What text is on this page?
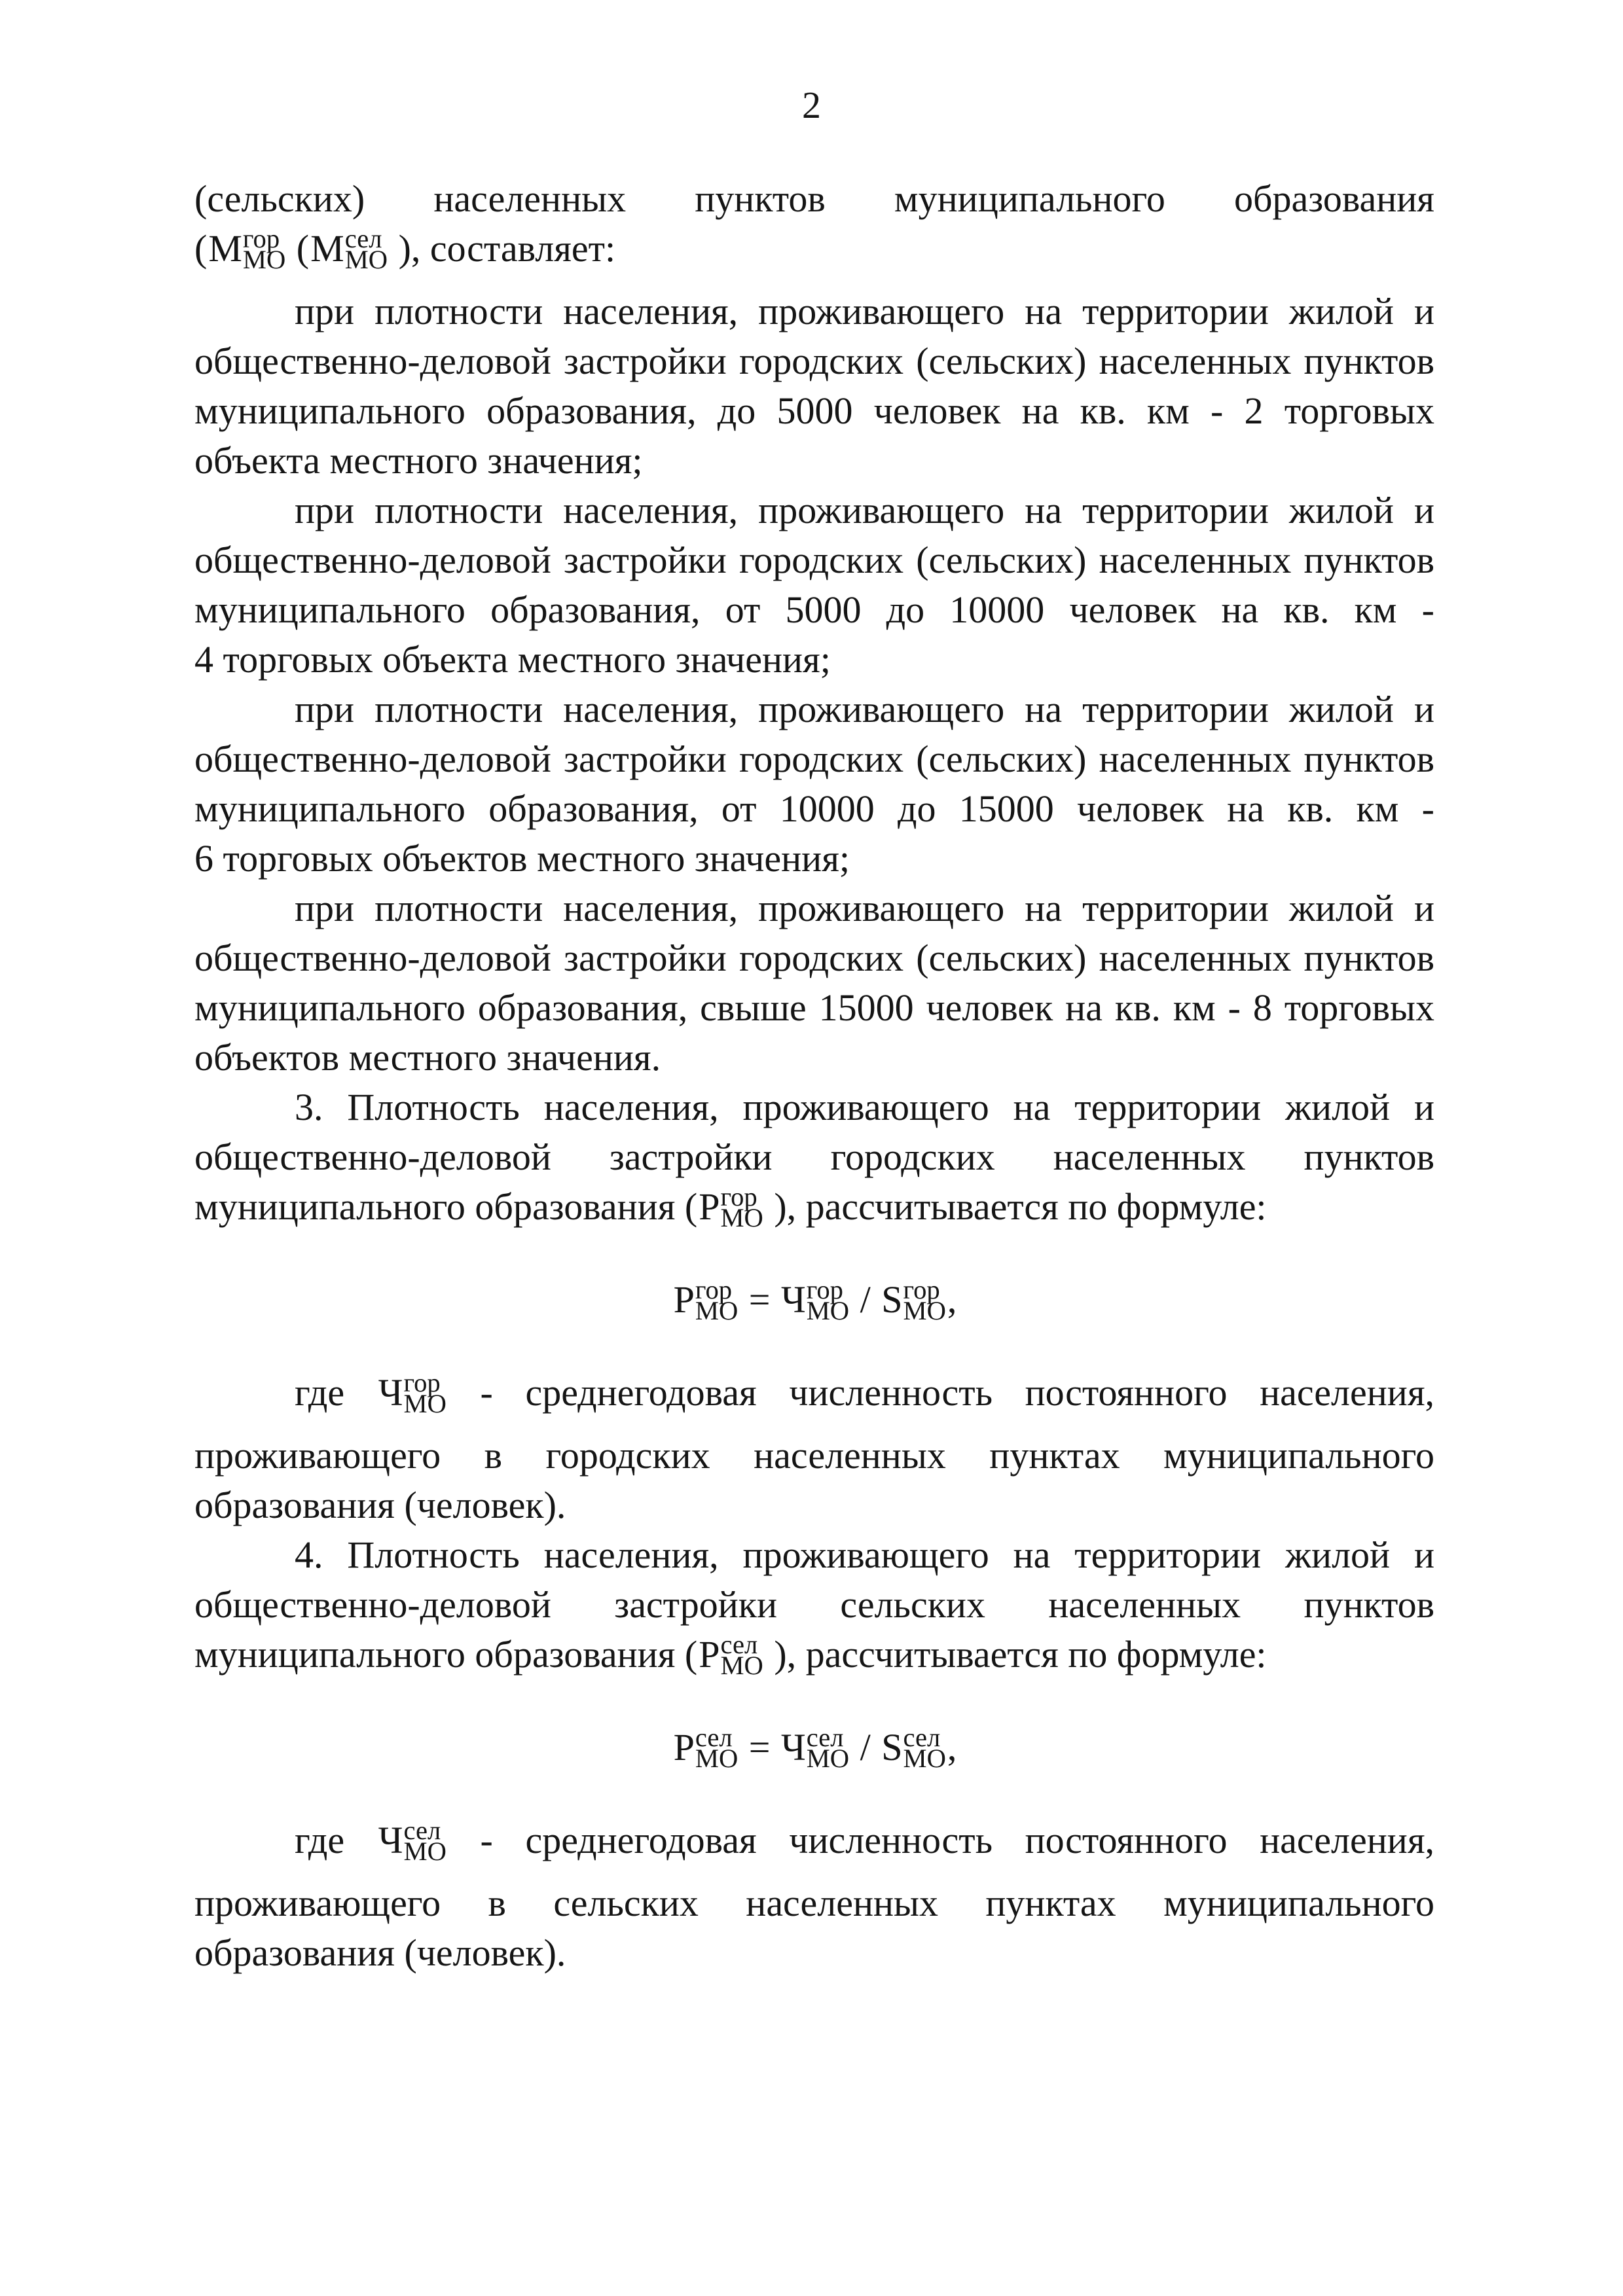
2
(сельских) населенных пунктов муниципального образования
(M гор
МО (M сел
МО ), составляет:
при плотности населения, проживающего на территории жилой и
общественно-деловой застройки городских (сельских) населенных пунктов
муниципального образования, до 5000 человек на кв. км - 2 торговых
объекта местного значения;
при плотности населения, проживающего на территории жилой и
общественно-деловой застройки городских (сельских) населенных пунктов
муниципального образования, от 5000 до 10000 человек на кв. км -
4 торговых объекта местного значения;
при плотности населения, проживающего на территории жилой и
общественно-деловой застройки городских (сельских) населенных пунктов
муниципального образования, от 10000 до 15000 человек на кв. км -
6 торговых объектов местного значения;
при плотности населения, проживающего на территории жилой и
общественно-деловой застройки городских (сельских) населенных пунктов
муниципального образования, свыше 15000 человек на кв. км - 8 торговых
объектов местного значения.
3. Плотность населения, проживающего на территории жилой и
общественно-деловой застройки городских населенных пунктов
муниципального образования (P гор
МО ), рассчитывается по формуле:
P гор
МО = Ч гор
МО / S гор
МО ,
где Ч гор
МО - среднегодовая численность постоянного населения,
проживающего в городских населенных пунктах муниципального
образования (человек).
4. Плотность населения, проживающего на территории жилой и
общественно-деловой застройки сельских населенных пунктов
муниципального образования (P сел
МО ), рассчитывается по формуле:
P сел
МО = Ч сел
МО / S сел
МО ,
где Ч сел
МО - среднегодовая численность постоянного населения,
проживающего в сельских населенных пунктах муниципального
образования (человек).
